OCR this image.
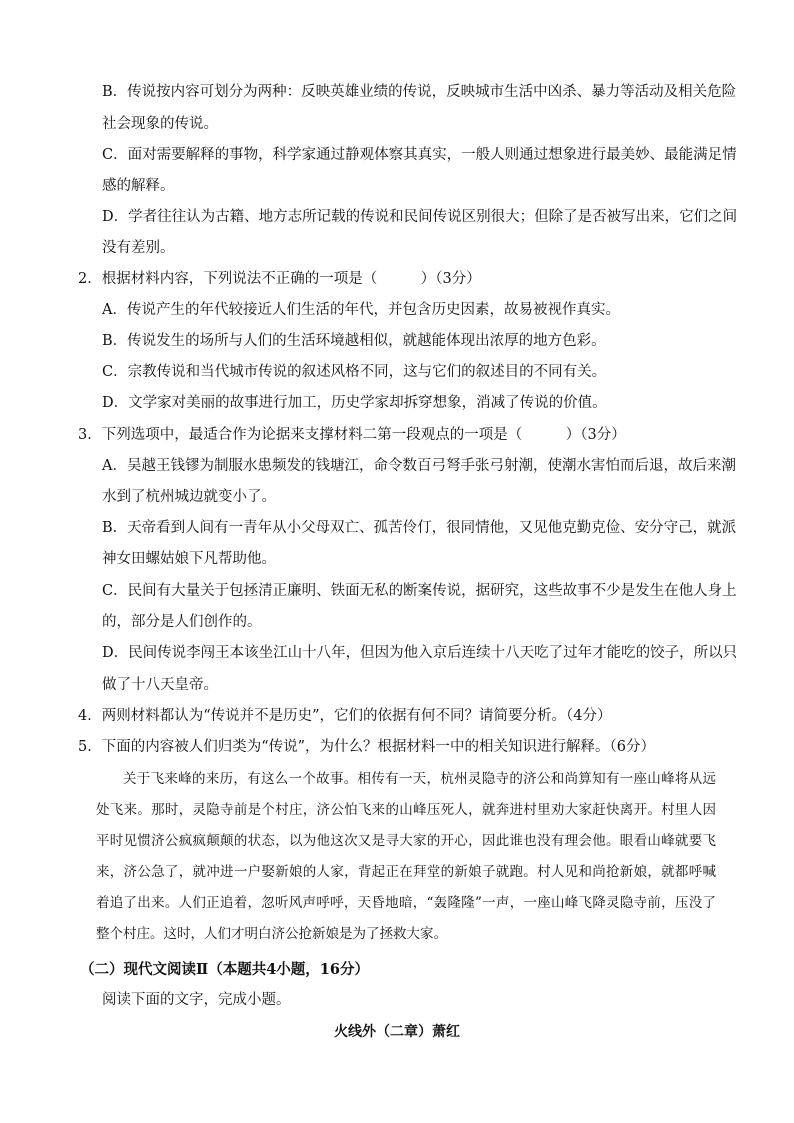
B．传说按内容可划分为两种：反映英雄业绩的传说，反映城市生活中凶杀、暴力等活动及相关危险
社会现象的传说。
C．面对需要解释的事物，科学家通过静观体察其真实，一般人则通过想象进行最美妙、最能满足情
感的解释。
D．学者往往认为古籍、地方志所记载的传说和民间传说区别很大；但除了是否被写出来，它们之间
没有差别。
2．根据材料内容，下列说法不正确的一项是（　　　）（3分）
A．传说产生的年代较接近人们生活的年代，并包含历史因素，故易被视作真实。
B．传说发生的场所与人们的生活环境越相似，就越能体现出浓厚的地方色彩。
C．宗教传说和当代城市传说的叙述风格不同，这与它们的叙述目的不同有关。
D．文学家对美丽的故事进行加工，历史学家却拆穿想象，消减了传说的价值。
3．下列选项中，最适合作为论据来支撑材料二第一段观点的一项是（　　　）（3分）
A．吴越王钱镠为制服水患频发的钱塘江，命令数百弓弩手张弓射潮，使潮水害怕而后退，故后来潮
水到了杭州城边就变小了。
B．天帝看到人间有一青年从小父母双亡、孤苦伶仃，很同情他，又见他克勤克俭、安分守己，就派
神女田螺姑娘下凡帮助他。
C．民间有大量关于包拯清正廉明、铁面无私的断案传说，据研究，这些故事不少是发生在他人身上
的，部分是人们创作的。
D．民间传说李闯王本该坐江山十八年，但因为他入京后连续十八天吃了过年才能吃的饺子，所以只
做了十八天皇帝。
4．两则材料都认为“传说并不是历史”，它们的依据有何不同？请简要分析。（4分）
5．下面的内容被人们归类为“传说”，为什么？根据材料一中的相关知识进行解释。（6分）
关于飞来峰的来历，有这么一个故事。相传有一天，杭州灵隐寺的济公和尚算知有一座山峰将从远处飞来。那时，灵隐寺前是个村庄，济公怕飞来的山峰压死人，就奔进村里劝大家赶快离开。村里人因平时见惯济公疯疯颠颠的状态，以为他这次又是寻大家的开心，因此谁也没有理会他。眼看山峰就要飞来，济公急了，就冲进一户娶新娘的人家，背起正在拜堂的新娘子就跑。村人见和尚抢新娘，就都呼喊着追了出来。人们正追着，忽听风声呼呼，天昏地暗，“轰隆隆”一声，一座山峰飞降灵隐寺前，压没了整个村庄。这时，人们才明白济公抢新娘是为了拯救大家。
（二）现代文阅读Ⅱ（本题共4小题，16分）
阅读下面的文字，完成小题。
火线外（二章）萧红
